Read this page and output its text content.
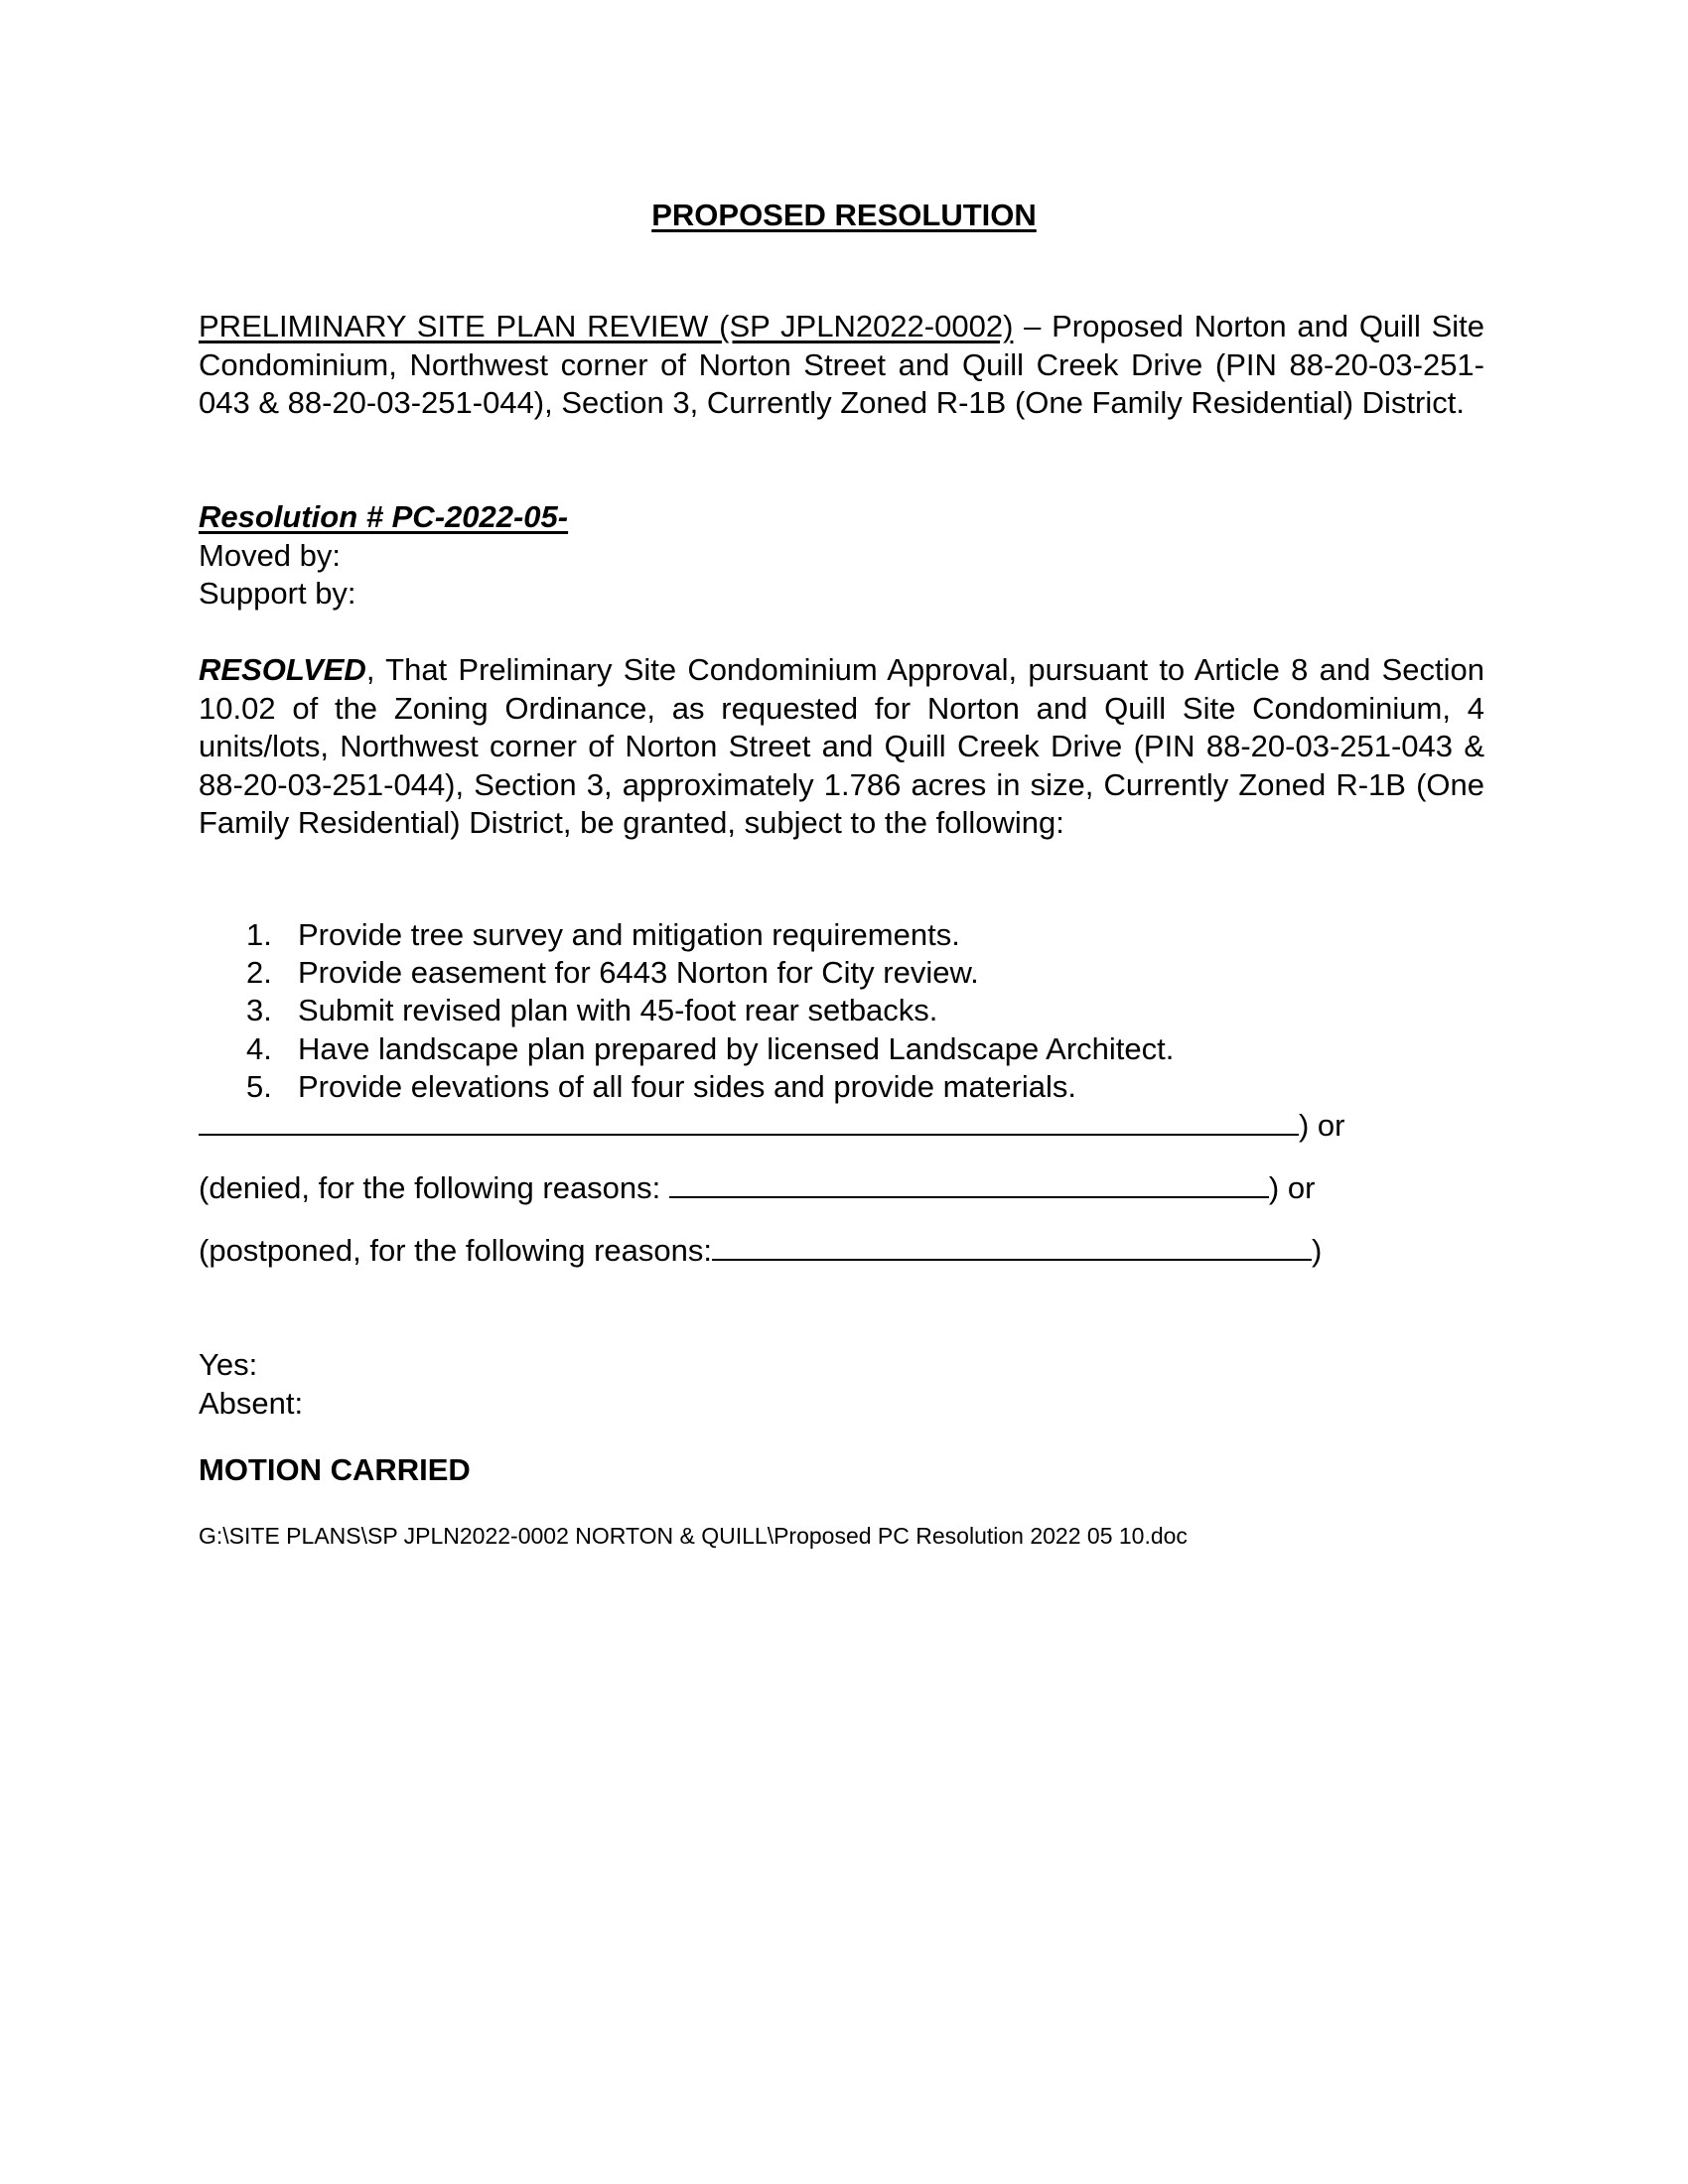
PROPOSED RESOLUTION
PRELIMINARY SITE PLAN REVIEW (SP JPLN2022-0002) – Proposed Norton and Quill Site Condominium, Northwest corner of Norton Street and Quill Creek Drive (PIN 88-20-03-251-043 & 88-20-03-251-044), Section 3, Currently Zoned R-1B (One Family Residential) District.
Resolution # PC-2022-05-
Moved by:
Support by:
RESOLVED, That Preliminary Site Condominium Approval, pursuant to Article 8 and Section 10.02 of the Zoning Ordinance, as requested for Norton and Quill Site Condominium, 4 units/lots, Northwest corner of Norton Street and Quill Creek Drive (PIN 88-20-03-251-043 & 88-20-03-251-044), Section 3, approximately 1.786 acres in size, Currently Zoned R-1B (One Family Residential) District, be granted, subject to the following:
1. Provide tree survey and mitigation requirements.
2. Provide easement for 6443 Norton for City review.
3. Submit revised plan with 45-foot rear setbacks.
4. Have landscape plan prepared by licensed Landscape Architect.
5. Provide elevations of all four sides and provide materials.
) or
(denied, for the following reasons:	) or
(postponed, for the following reasons:	)
Yes:
Absent:
MOTION CARRIED
G:\SITE PLANS\SP JPLN2022-0002 NORTON & QUILL\Proposed PC Resolution 2022 05 10.doc
